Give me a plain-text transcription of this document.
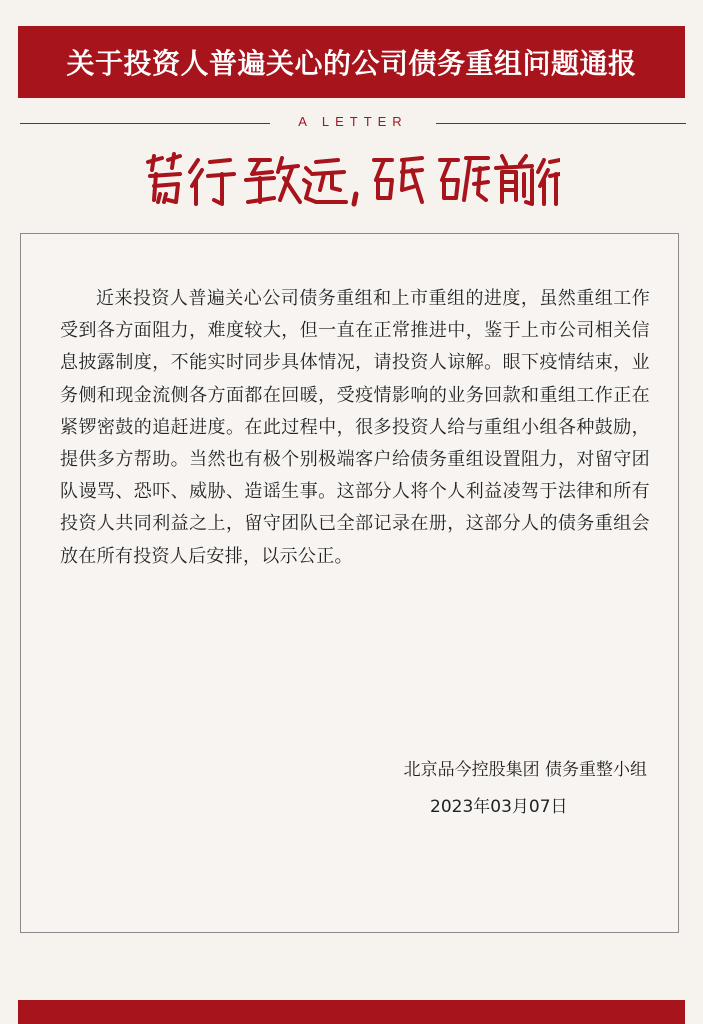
关于投资人普遍关心的公司债务重组问题通报
A LETTER
笃行致远，砥砺前行

近来投资人普遍关心公司债务重组和上市重组的进度，虽然重组工作受到各方面阻力，难度较大，但一直在正常推进中，鉴于上市公司相关信息披露制度，不能实时同步具体情况，请投资人谅解。眼下疫情结束，业务侧和现金流侧各方面都在回暖，受疫情影响的业务回款和重组工作正在紧锣密鼓的追赶进度。在此过程中，很多投资人给与重组小组各种鼓励，提供多方帮助。当然也有极个别极端客户给债务重组设置阻力，对留守团队谩骂、恐吓、威胁、造谣生事。这部分人将个人利益凌驾于法律和所有投资人共同利益之上，留守团队已全部记录在册，这部分人的债务重组会放在所有投资人后安排，以示公正。

北京品今控股集团 债务重整小组
2023年03月07日
